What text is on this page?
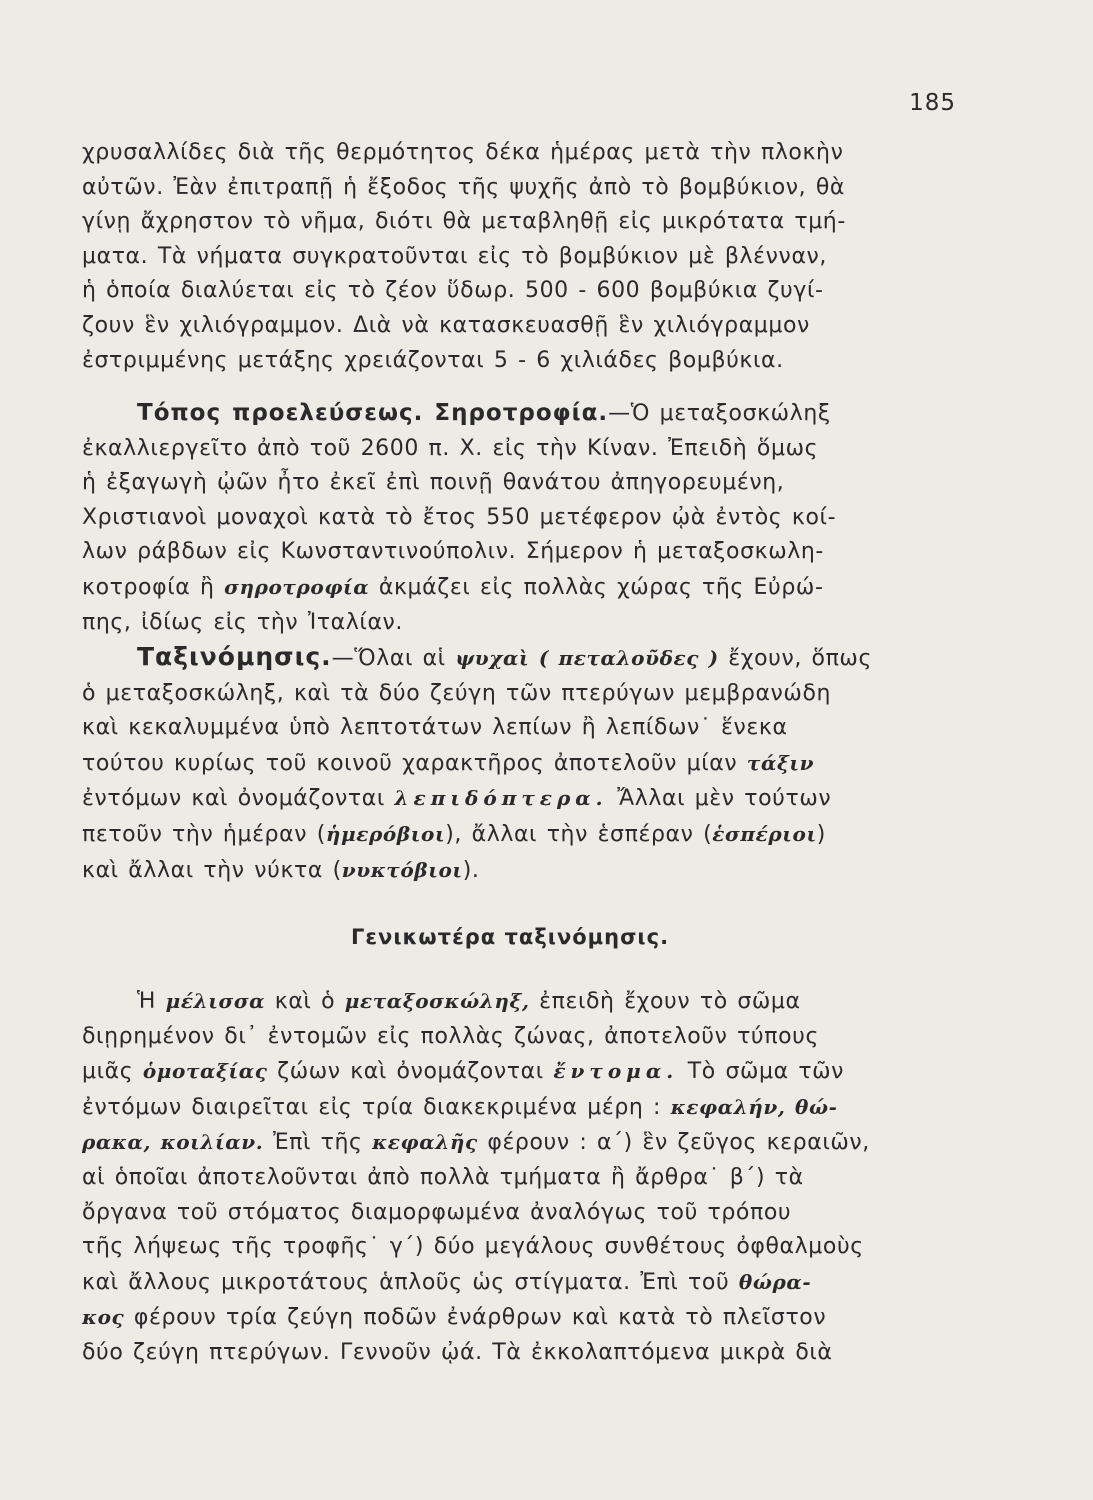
185

χρυσαλλίδες διὰ τῆς θερμότητος δέκα ἡμέρας μετὰ τὴν πλοκὴν
αὐτῶν. Ἐὰν ἐπιτραπῇ ἡ ἔξοδος τῆς ψυχῆς ἀπὸ τὸ βομβύκιον, θὰ
γίνῃ ἄχρηστον τὸ νῆμα, διότι θὰ μεταβληθῇ εἰς μικρότατα τμή-
ματα. Τὰ νήματα συγκρατοῦνται εἰς τὸ βομβύκιον μὲ βλένναν,
ἡ ὁποία διαλύεται εἰς τὸ ζέον ὕδωρ. 500 - 600 βομβύκια ζυγί-
ζουν ἓν χιλιόγραμμον. Διὰ νὰ κατασκευασθῇ ἓν χιλιόγραμμον
ἐστριμμένης μετάξης χρειάζονται 5 - 6 χιλιάδες βομβύκια.

Τόπος προελεύσεως. Σηροτροφία.—Ὁ μεταξοσκώληξ
ἐκαλλιεργεῖτο ἀπὸ τοῦ 2600 π. Χ. εἰς τὴν Κίναν. Ἐπειδὴ ὅμως
ἡ ἐξαγωγὴ ᾠῶν ἦτο ἐκεῖ ἐπὶ ποινῇ θανάτου ἀπηγορευμένη,
Χριστιανοὶ μοναχοὶ κατὰ τὸ ἔτος 550 μετέφερον ᾠὰ ἐντὸς κοί-
λων ράβδων εἰς Κωνσταντινούπολιν. Σήμερον ἡ μεταξοσκωλη-
κοτροφία ἢ σηροτροφία ἀκμάζει εἰς πολλὰς χώρας τῆς Εὐρώ-
πης, ἰδίως εἰς τὴν Ἰταλίαν.

Ταξινόμησις.—Ὅλαι αἱ ψυχαὶ ( πεταλοῦδες ) ἔχουν, ὅπως
ὁ μεταξοσκώληξ, καὶ τὰ δύο ζεύγη τῶν πτερύγων μεμβρανώδη
καὶ κεκαλυμμένα ὑπὸ λεπτοτάτων λεπίων ἢ λεπίδων˙ ἕνεκα
τούτου κυρίως τοῦ κοινοῦ χαρακτῆρος ἀποτελοῦν μίαν τάξιν
ἐντόμων καὶ ὀνομάζονται λεπιδόπτερα. Ἄλλαι μὲν τούτων
πετοῦν τὴν ἡμέραν (ἡμερόβιοι), ἄλλαι τὴν ἑσπέραν (ἑσπέριοι)
καὶ ἄλλαι τὴν νύκτα (νυκτόβιοι).

Γενικωτέρα ταξινόμησις.

Ἡ μέλισσα καὶ ὁ μεταξοσκώληξ, ἐπειδὴ ἔχουν τὸ σῶμα
διῃρημένον δι᾽ ἐντομῶν εἰς πολλὰς ζώνας, ἀποτελοῦν τύπους
μιᾶς ὁμοταξίας ζώων καὶ ὀνομάζονται ἔντομα. Τὸ σῶμα τῶν
ἐντόμων διαιρεῖται εἰς τρία διακεκριμένα μέρη : κεφαλήν, θώ-
ρακα, κοιλίαν. Ἐπὶ τῆς κεφαλῆς φέρουν : α΄) ἓν ζεῦγος κεραιῶν,
αἱ ὁποῖαι ἀποτελοῦνται ἀπὸ πολλὰ τμήματα ἢ ἄρθρα˙ β΄) τὰ
ὄργανα τοῦ στόματος διαμορφωμένα ἀναλόγως τοῦ τρόπου
τῆς λήψεως τῆς τροφῆς˙ γ΄) δύο μεγάλους συνθέτους ὀφθαλμοὺς
καὶ ἄλλους μικροτάτους ἁπλοῦς ὡς στίγματα. Ἐπὶ τοῦ θώρα-
κος φέρουν τρία ζεύγη ποδῶν ἐνάρθρων καὶ κατὰ τὸ πλεῖστον
δύο ζεύγη πτερύγων. Γεννοῦν ᾠά. Τὰ ἐκκολαπτόμενα μικρὰ διὰ
